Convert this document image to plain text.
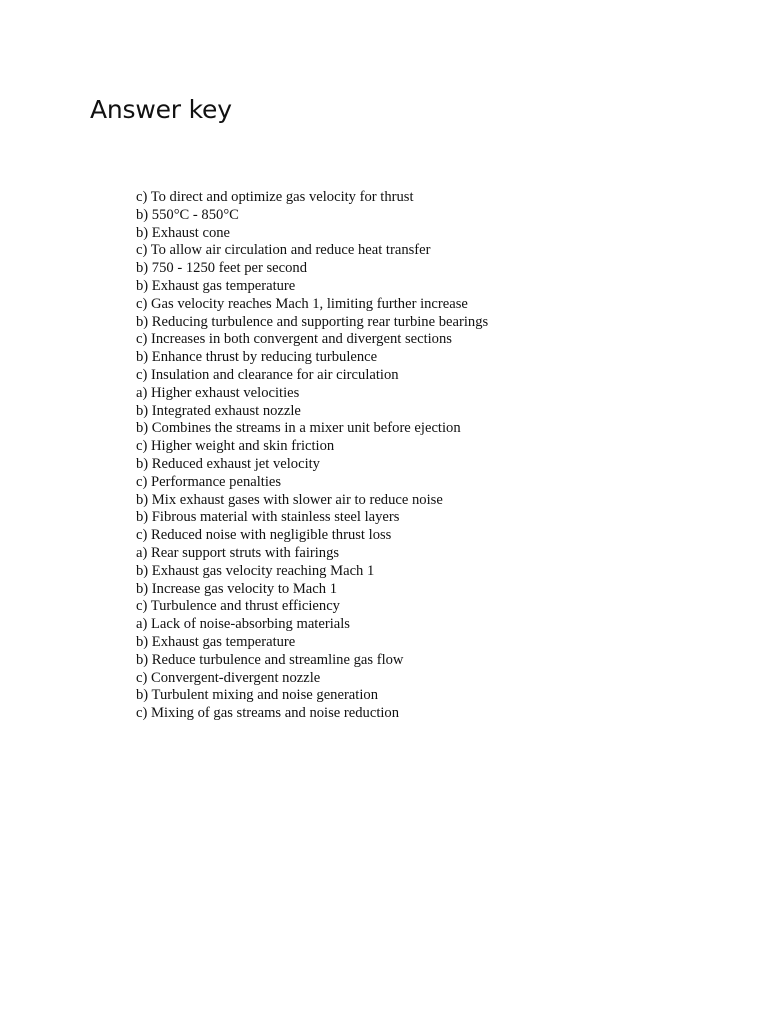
Answer key
c) To direct and optimize gas velocity for thrust
b) 550°C - 850°C
b) Exhaust cone
c) To allow air circulation and reduce heat transfer
b) 750 - 1250 feet per second
b) Exhaust gas temperature
c) Gas velocity reaches Mach 1, limiting further increase
b) Reducing turbulence and supporting rear turbine bearings
c) Increases in both convergent and divergent sections
b) Enhance thrust by reducing turbulence
c) Insulation and clearance for air circulation
a) Higher exhaust velocities
b) Integrated exhaust nozzle
b) Combines the streams in a mixer unit before ejection
c) Higher weight and skin friction
b) Reduced exhaust jet velocity
c) Performance penalties
b) Mix exhaust gases with slower air to reduce noise
b) Fibrous material with stainless steel layers
c) Reduced noise with negligible thrust loss
a) Rear support struts with fairings
b) Exhaust gas velocity reaching Mach 1
b) Increase gas velocity to Mach 1
c) Turbulence and thrust efficiency
a) Lack of noise-absorbing materials
b) Exhaust gas temperature
b) Reduce turbulence and streamline gas flow
c) Convergent-divergent nozzle
b) Turbulent mixing and noise generation
c) Mixing of gas streams and noise reduction
